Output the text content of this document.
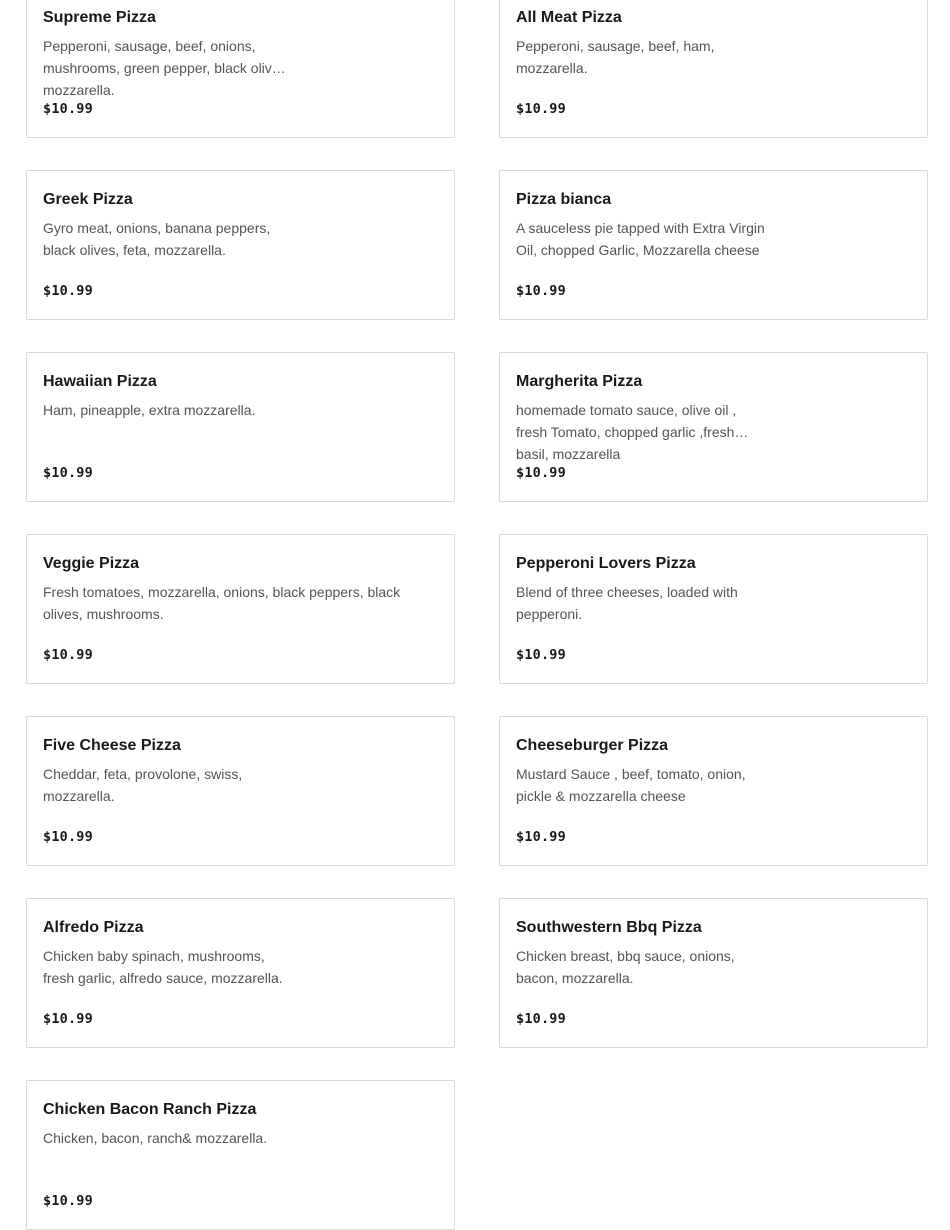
Supreme Pizza
Pepperoni, sausage, beef, onions, mushrooms, green pepper, black olives, mozzarella.
$10.99
All Meat Pizza
Pepperoni, sausage, beef, ham, mozzarella.
$10.99
Greek Pizza
Gyro meat, onions, banana peppers, black olives, feta, mozzarella.
$10.99
Pizza bianca
A sauceless pie tapped with Extra Virgin Oil, chopped Garlic, Mozzarella cheese
$10.99
Hawaiian Pizza
Ham, pineapple, extra mozzarella.
$10.99
Margherita Pizza
homemade tomato sauce, olive oil , fresh Tomato, chopped garlic ,fresh basil, mozzarella
$10.99
Veggie Pizza
Fresh tomatoes, mozzarella, onions, black peppers, black olives, mushrooms.
$10.99
Pepperoni Lovers Pizza
Blend of three cheeses, loaded with pepperoni.
$10.99
Five Cheese Pizza
Cheddar, feta, provolone, swiss, mozzarella.
$10.99
Cheeseburger Pizza
Mustard Sauce , beef, tomato, onion, pickle & mozzarella cheese
$10.99
Alfredo Pizza
Chicken baby spinach, mushrooms, fresh garlic, alfredo sauce, mozzarella.
$10.99
Southwestern Bbq Pizza
Chicken breast, bbq sauce, onions, bacon, mozzarella.
$10.99
Chicken Bacon Ranch Pizza
Chicken, bacon, ranch& mozzarella.
$10.99
